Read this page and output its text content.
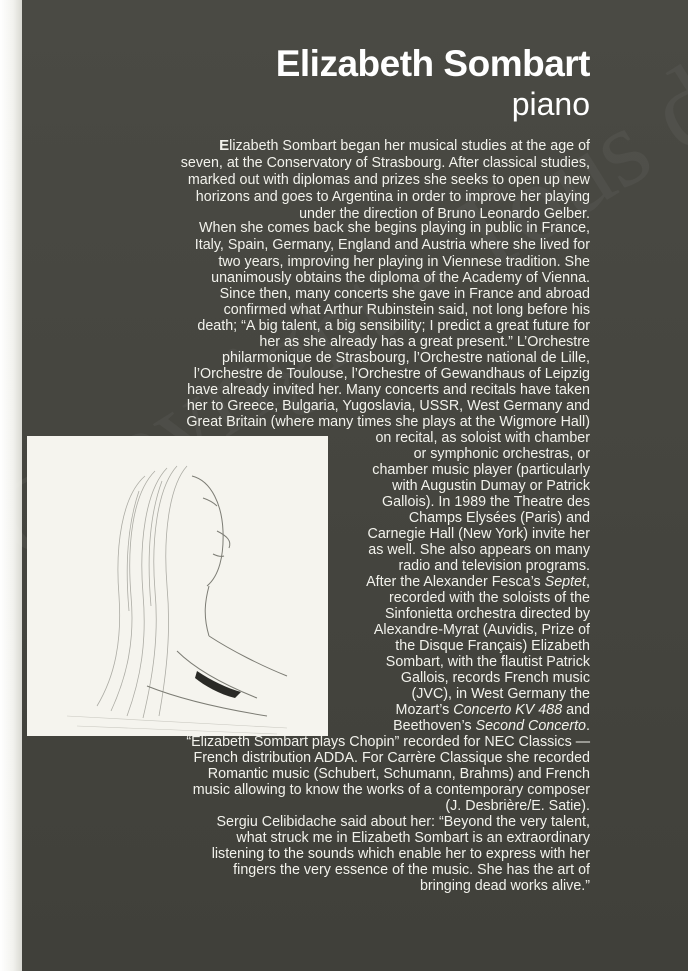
Elizabeth Sombart
piano
Elizabeth Sombart began her musical studies at the age of
seven, at the Conservatory of Strasbourg. After classical studies,
marked out with diplomas and prizes she seeks to open up new
horizons and goes to Argentina in order to improve her playing
under the direction of Bruno Leonardo Gelber.
When she comes back she begins playing in public in France,
Italy, Spain, Germany, England and Austria where she lived for
two years, improving her playing in Viennese tradition. She
unanimously obtains the diploma of the Academy of Vienna.
Since then, many concerts she gave in France and abroad
confirmed what Arthur Rubinstein said, not long before his
death; “A big talent, a big sensibility; I predict a great future for
her as she already has a great present.” L’Orchestre
philarmonique de Strasbourg, l’Orchestre national de Lille,
l’Orchestre de Toulouse, l’Orchestre of Gewandhaus of Leipzig
have already invited her. Many concerts and recitals have taken
her to Greece, Bulgaria, Yugoslavia, USSR, West Germany and
Great Britain (where many times she plays at the Wigmore Hall)
on recital, as soloist with chamber
or symphonic orchestras, or
chamber music player (particularly
with Augustin Dumay or Patrick
Gallois). In 1989 the Theatre des
Champs Elysées (Paris) and
Carnegie Hall (New York) invite her
as well. She also appears on many
radio and television programs.
After the Alexander Fesca’s Septet,
recorded with the soloists of the
Sinfonietta orchestra directed by
Alexandre-Myrat (Auvidis, Prize of
the Disque Français) Elizabeth
Sombart, with the flautist Patrick
Gallois, records French music
(JVC), in West Germany the
Mozart’s Concerto KV 488 and
Beethoven’s Second Concerto.
“Elizabeth Sombart plays Chopin” recorded for NEC Classics —
French distribution ADDA. For Carrère Classique she recorded
Romantic music (Schubert, Schumann, Brahms) and French
music allowing to know the works of a contemporary composer
(J. Desbrière/E. Satie).
Sergiu Celibidache said about her: “Beyond the very talent,
what struck me in Elizabeth Sombart is an extraordinary
listening to the sounds which enable her to express with her
fingers the very essence of the music. She has the art of
bringing dead works alive.”
